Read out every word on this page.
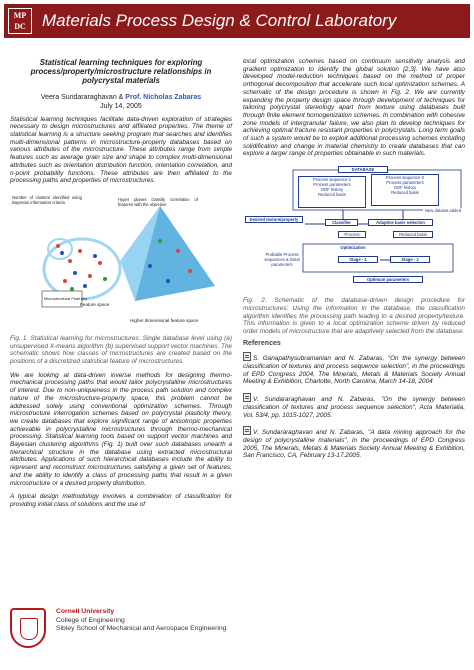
MP
DC Materials Process Design & Control Laboratory
Statistical learning techniques for exploring process/property/microstructure relationships in polycrystal materials
Veera Sundararaghavan & Prof. Nicholas Zabaras
July 14, 2005

Statistical learning techniques facilitate data-driven exploration of strategies necessary to design microstructures and affiliated properties. The theme of statistical learning is a structure seeking program that searches and identifies multi-dimensional patterns in microstructure-property databases based on various attributes of the microstructure. These attributes range from simple features such as average grain size and shape to complex multi-dimensional attributes such as orientation distribution function, orientation correlation, and n-point probability functions. These attributes are then affiliated to the processing paths and properties of microstructures.

Number of clusters identified using Bayesian information criteria
Hyper planes classify correlation of features with the objective
Feature space
Microstructural Features
Higher dimensional feature space
Fig. 1. Statistical learning for microstructures: Single database level using (a) unsupervised X-means algorithm (b) supervised support vector machines. The schematic shows how classes of microstructures are created based on the positions of a discretized statistical feature of microstructures.

We are looking at data-driven inverse methods for designing thermo-mechanical processing paths that would tailor polycrystalline microstructures of interest. Due to non-uniqueness in the process path solution and complex nature of the microstructure-property space, this problem cannot be addressed solely using conventional optimization schemes. Through microstructure interrogation schemes based on polycrystal plasticity theory, we create databases that explore significant range of anisotropic properties achievable in polycrystalline microstructures through thermo-mechanical processing. Statistical learning tools based on support vector machines and Bayesian clustering algorithms (Fig. 1) built over such databases unearth a hierarchical structure in the database using extracted microstructural attributes. Applications of such hierarchical databases include the ability to represent and reconstruct microstructures satisfying a given set of features, and the ability to identify a class of processing paths that result in a given microstructure or a desired property distribution.

A typical design methodology involves a combination of classification for providing initial class of solutions and the use of

local optimization schemes based on continuum sensitivity analysis and gradient optimization to identify the global solution [2,3]. We have also developed model-reduction techniques based on the method of proper orthogonal decomposition that accelerate such local optimization schemes. A schematic of the design procedure is shown in Fig. 2. We are currently expanding the property design space through development of techniques for tailoring polycrystal stereology apart from texture using databases built through finite element homogenization schemes. In combination with cohesive zone models of intergranular failure, we also plan to develop techniques for achieving optimal fracture resistant properties in polycrystals. Long term goals of such a system would be to exploit additional processing schemes including solidification and change in material chemistry to create databases that can explore a larger range of properties obtainable in such materials.

DATABASE
Process sequence-1
Process parameters
ODF history
Reduced basis
Process sequence-2
Process parameters
ODF history
Reduced basis
Desired texture/property
Classifier	Adaptive basis selection
New dataset added
Process	Reduced basis
Optimization
Probable Process sequences & Initial parameters
Stage - 1	Stage - 2
Optimum parameters
Fig. 2. Schematic of the database-driven design procedure for microstructures: Using the information in the database, the classification algorithm identifies the processing path leading to a desired property/texture. This information is given to a local optimization scheme driven by reduced order models of microstructure that are adaptively selected from the database.
References
S. Ganapathysubramanian and N. Zabaras, "On the synergy between classification of textures and process sequence selection", in the proceedings of EPD Congress 2004, The Minerals, Metals & Materials Society Annual Meeting & Exhibition, Charlotte, North Carolina, March 14-18, 2004
V. Sundararaghavan and N. Zabaras, "On the synergy between classification of textures and process sequence selection", Acta Materialia, Vol. 53/4, pp. 1015-1027, 2005.
V. Sundararaghavan and N. Zabaras, "A data mining approach for the design of polycrystalline materials", in the proceedings of EPD Congress 2005, The Minerals, Metals & Materials Society Annual Meeting & Exhibition, San Francisco, CA, February 13-17,2005.
Cornell University
College of Engineering
Sibley School of Mechanical and Aerospace Engineering
